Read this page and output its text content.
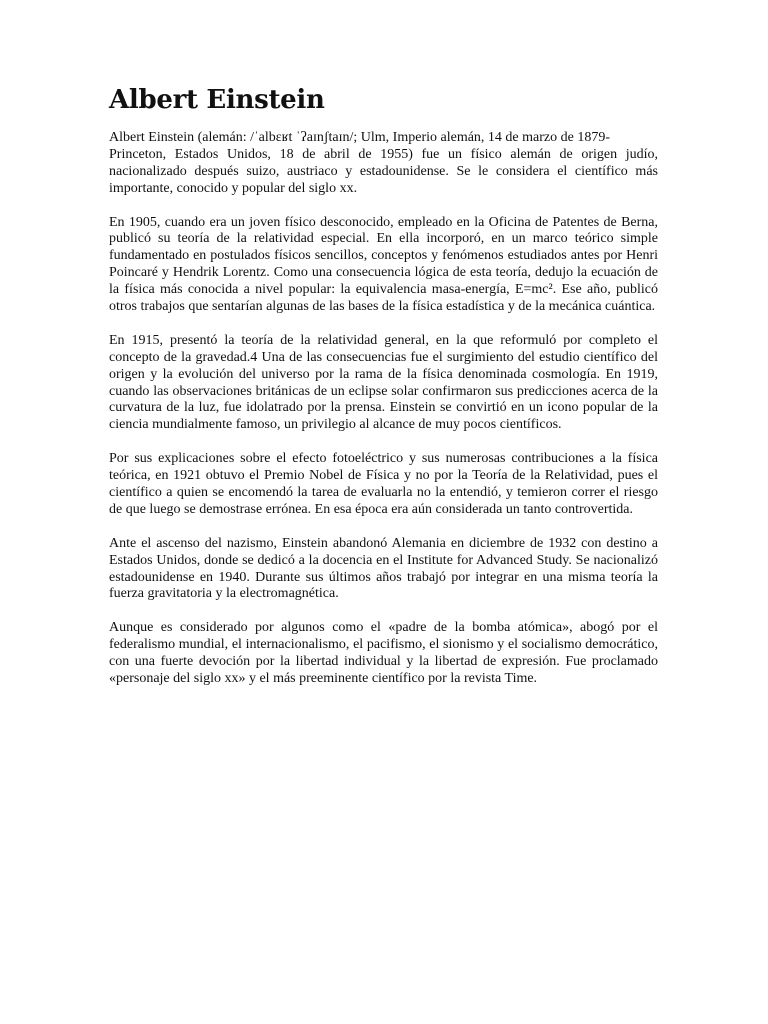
Albert Einstein

Albert Einstein (alemán: /ˈalbɛʁt ˈʔaɪnʃtaɪn/; Ulm, Imperio alemán, 14 de marzo de 1879-
Princeton, Estados Unidos, 18 de abril de 1955) fue un físico alemán de origen judío, nacionalizado después suizo, austriaco y estadounidense. Se le considera el científico más importante, conocido y popular del siglo xx.

En 1905, cuando era un joven físico desconocido, empleado en la Oficina de Patentes de Berna, publicó su teoría de la relatividad especial. En ella incorporó, en un marco teórico simple fundamentado en postulados físicos sencillos, conceptos y fenómenos estudiados antes por Henri Poincaré y Hendrik Lorentz. Como una consecuencia lógica de esta teoría, dedujo la ecuación de la física más conocida a nivel popular: la equivalencia masa-energía, E=mc². Ese año, publicó otros trabajos que sentarían algunas de las bases de la física estadística y de la mecánica cuántica.

En 1915, presentó la teoría de la relatividad general, en la que reformuló por completo el concepto de la gravedad.4 Una de las consecuencias fue el surgimiento del estudio científico del origen y la evolución del universo por la rama de la física denominada cosmología. En 1919, cuando las observaciones británicas de un eclipse solar confirmaron sus predicciones acerca de la curvatura de la luz, fue idolatrado por la prensa. Einstein se convirtió en un icono popular de la ciencia mundialmente famoso, un privilegio al alcance de muy pocos científicos.

Por sus explicaciones sobre el efecto fotoeléctrico y sus numerosas contribuciones a la física teórica, en 1921 obtuvo el Premio Nobel de Física y no por la Teoría de la Relatividad, pues el científico a quien se encomendó la tarea de evaluarla no la entendió, y temieron correr el riesgo de que luego se demostrase errónea. En esa época era aún considerada un tanto controvertida.

Ante el ascenso del nazismo, Einstein abandonó Alemania en diciembre de 1932 con destino a Estados Unidos, donde se dedicó a la docencia en el Institute for Advanced Study. Se nacionalizó estadounidense en 1940. Durante sus últimos años trabajó por integrar en una misma teoría la fuerza gravitatoria y la electromagnética.

Aunque es considerado por algunos como el «padre de la bomba atómica», abogó por el federalismo mundial, el internacionalismo, el pacifismo, el sionismo y el socialismo democrático, con una fuerte devoción por la libertad individual y la libertad de expresión. Fue proclamado «personaje del siglo xx» y el más preeminente científico por la revista Time.
